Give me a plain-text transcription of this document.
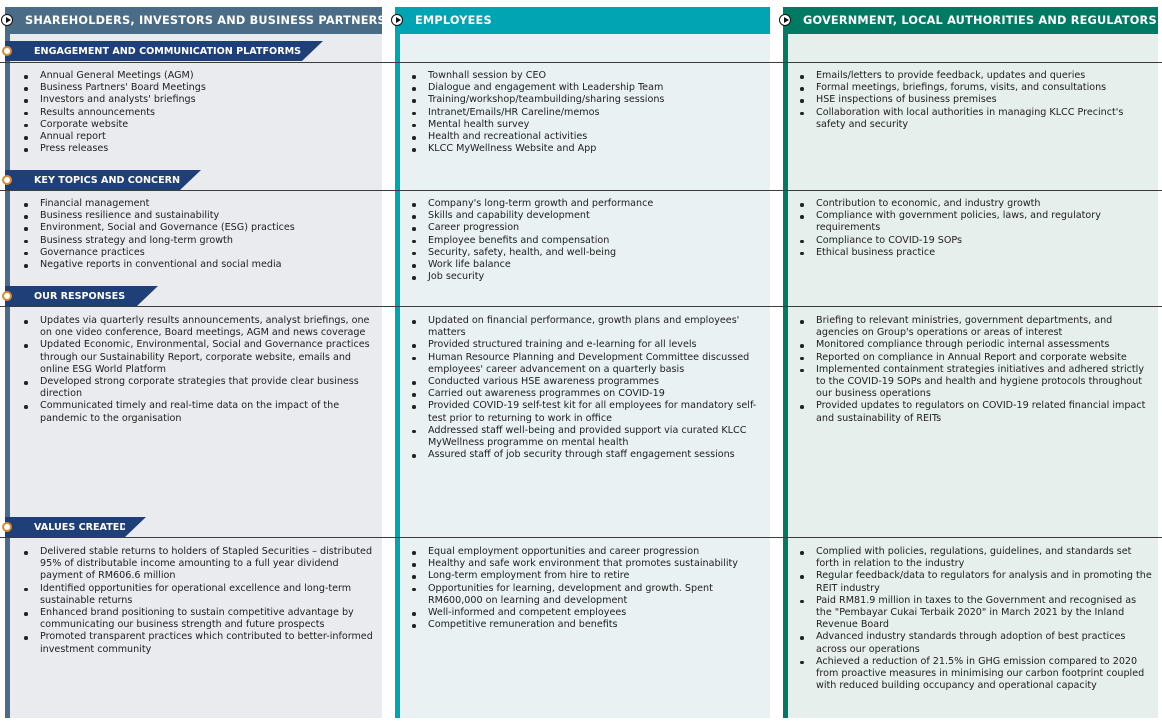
SHAREHOLDERS, INVESTORS AND BUSINESS PARTNERS	EMPLOYEES	GOVERNMENT, LOCAL AUTHORITIES AND REGULATORS
ENGAGEMENT AND COMMUNICATION PLATFORMS
Annual General Meetings (AGM)
Business Partners' Board Meetings
Investors and analysts' briefings
Results announcements
Corporate website
Annual report
Press releases
Townhall session by CEO
Dialogue and engagement with Leadership Team
Training/workshop/teambuilding/sharing sessions
Intranet/Emails/HR Careline/memos
Mental health survey
Health and recreational activities
KLCC MyWellness Website and App
Emails/letters to provide feedback, updates and queries
Formal meetings, briefings, forums, visits, and consultations
HSE inspections of business premises
Collaboration with local authorities in managing KLCC Precinct's safety and security
KEY TOPICS AND CONCERNS
Financial management
Business resilience and sustainability
Environment, Social and Governance (ESG) practices
Business strategy and long-term growth
Governance practices
Negative reports in conventional and social media
Company's long-term growth and performance
Skills and capability development
Career progression
Employee benefits and compensation
Security, safety, health, and well-being
Work life balance
Job security
Contribution to economic, and industry growth
Compliance with government policies, laws, and regulatory requirements
Compliance to COVID-19 SOPs
Ethical business practice
OUR RESPONSES
Updates via quarterly results announcements, analyst briefings, one on one video conference, Board meetings, AGM and news coverage
Updated Economic, Environmental, Social and Governance practices through our Sustainability Report, corporate website, emails and online ESG World Platform
Developed strong corporate strategies that provide clear business direction
Communicated timely and real-time data on the impact of the pandemic to the organisation
Updated on financial performance, growth plans and employees' matters
Provided structured training and e-learning for all levels
Human Resource Planning and Development Committee discussed employees' career advancement on a quarterly basis
Conducted various HSE awareness programmes
Carried out awareness programmes on COVID-19
Provided COVID-19 self-test kit for all employees for mandatory self-test prior to returning to work in office
Addressed staff well-being and provided support via curated KLCC MyWellness programme on mental health
Assured staff of job security through staff engagement sessions
Briefing to relevant ministries, government departments, and agencies on Group's operations or areas of interest
Monitored compliance through periodic internal assessments
Reported on compliance in Annual Report and corporate website
Implemented containment strategies initiatives and adhered strictly to the COVID-19 SOPs and health and hygiene protocols throughout our business operations
Provided updates to regulators on COVID-19 related financial impact and sustainability of REITs
VALUES CREATED
Delivered stable returns to holders of Stapled Securities – distributed 95% of distributable income amounting to a full year dividend payment of RM606.6 million
Identified opportunities for operational excellence and long-term sustainable returns
Enhanced brand positioning to sustain competitive advantage by communicating our business strength and future prospects
Promoted transparent practices which contributed to better-informed investment community
Equal employment opportunities and career progression
Healthy and safe work environment that promotes sustainability
Long-term employment from hire to retire
Opportunities for learning, development and growth. Spent RM600,000 on learning and development
Well-informed and competent employees
Competitive remuneration and benefits
Complied with policies, regulations, guidelines, and standards set forth in relation to the industry
Regular feedback/data to regulators for analysis and in promoting the REIT industry
Paid RM81.9 million in taxes to the Government and recognised as the "Pembayar Cukai Terbaik 2020" in March 2021 by the Inland Revenue Board
Advanced industry standards through adoption of best practices across our operations
Achieved a reduction of 21.5% in GHG emission compared to 2020 from proactive measures in minimising our carbon footprint coupled with reduced building occupancy and operational capacity
